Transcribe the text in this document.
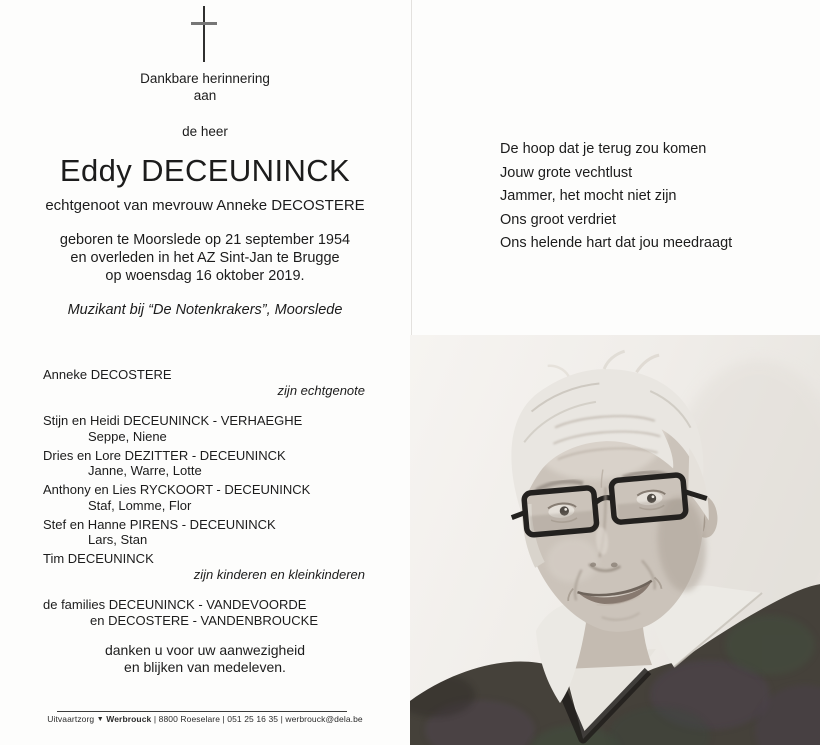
Dankbare herinnering
aan
de heer
Eddy DECEUNINCK
echtgenoot van mevrouw Anneke DECOSTERE
geboren te Moorslede op 21 september 1954
en overleden in het AZ Sint-Jan te Brugge
op woensdag 16 oktober 2019.
Muzikant bij “De Notenkrakers”, Moorslede
Anneke DECOSTERE
zijn echtgenote
Stijn en Heidi DECEUNINCK - VERHAEGHE
Seppe, Niene
Dries en Lore DEZITTER - DECEUNINCK
Janne, Warre, Lotte
Anthony en Lies RYCKOORT - DECEUNINCK
Staf, Lomme, Flor
Stef en Hanne PIRENS - DECEUNINCK
Lars, Stan
Tim DECEUNINCK
zijn kinderen en kleinkinderen
de families DECEUNINCK - VANDEVOORDE
en DECOSTERE - VANDENBROUCKE
danken u voor uw aanwezigheid
en blijken van medeleven.
Uitvaartzorg ▼ Werbrouck | 8800 Roeselare | 051 25 16 35 | werbrouck@dela.be
De hoop dat je terug zou komen
Jouw grote vechtlust
Jammer, het mocht niet zijn
Ons groot verdriet
Ons helende hart dat jou meedraagt
